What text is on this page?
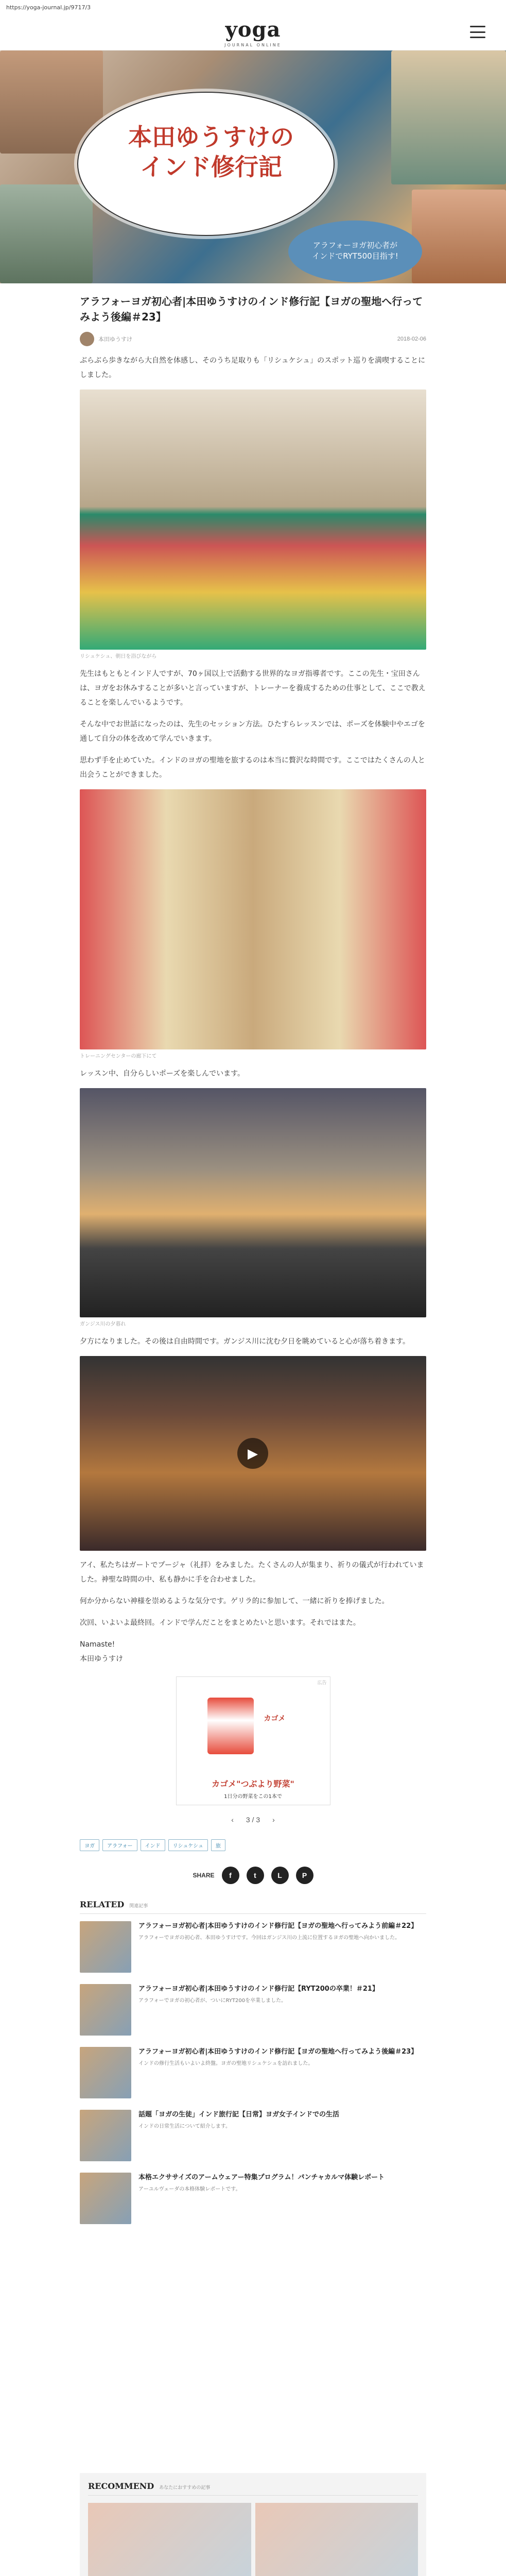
https://yoga-journal.jp/9717/3
yoga
JOURNAL ONLINE
本田ゆうすけの
インド修行記
アラフォーヨガ初心者が
インドでRYT500目指す!
アラフォーヨガ初心者|本田ゆうすけのインド修行記【ヨガの聖地へ行ってみよう後編＃23】
本田ゆうすけ	2018-02-06

ぶらぶら歩きながら大自然を体感し、そのうち足取りも「リシュケシュ」のスポット巡りを満喫することにしました。

リシュケシュ、朝日を浴びながら

先生はもともとインド人ですが、70ヶ国以上で活動する世界的なヨガ指導者です。ここの先生・宝田さんは、ヨガをお休みすることが多いと言っていますが、トレーナーを養成するための仕事として、ここで教えることを楽しんでいるようです。

そんな中でお世話になったのは、先生のセッション方法。ひたすらレッスンでは、ポーズを体験中やエゴを通して自分の体を改めて学んでいきます。

思わず手を止めていた。インドのヨガの聖地を旅するのは本当に贅沢な時間です。ここではたくさんの人と出会うことができました。

トレーニングセンターの廊下にて

レッスン中、自分らしいポーズを楽しんでいます。

ガンジス川の夕暮れ

夕方になりました。その後は自由時間です。ガンジス川に沈む夕日を眺めていると心が落ち着きます。

▶

アイ、私たちはガートでプージャ（礼拝）をみました。たくさんの人が集まり、祈りの儀式が行われていました。神聖な時間の中、私も静かに手を合わせました。

何か分からない神様を崇めるような気分です。ゲリラ的に参加して、一緒に祈りを捧げました。

次回、いよいよ最終回。インドで学んだことをまとめたいと思います。それではまた。

Namaste!
本田ゆうすけ

広告
カゴメ
カゴメ"つぶより野菜"
1日分の野菜をこの1本で
‹ 3 / 3 ›
ヨガ	アラフォー	インド	リシュケシュ	旅
SHARE	f	t	L	P
RELATED 関連記事
アラフォーヨガ初心者|本田ゆうすけのインド修行記【ヨガの聖地へ行ってみよう前編＃22】
アラフォーでヨガの初心者、本田ゆうすけです。今回はガンジス川の上流に位置するヨガの聖地へ向かいました。
アラフォーヨガ初心者|本田ゆうすけのインド修行記【RYT200の卒業！＃21】
アラフォーでヨガの初心者が、ついにRYT200を卒業しました。
アラフォーヨガ初心者|本田ゆうすけのインド修行記【ヨガの聖地へ行ってみよう後編＃23】
インドの修行生活もいよいよ終盤。ヨガの聖地リシュケシュを訪れました。
話題「ヨガの生徒」インド旅行記【日常】ヨガ女子インドでの生活
インドの日常生活について紹介します。
本格エクササイズのアームウェアー特集プログラム！パンチャカルマ体験レポート
アーユルヴェーダの本格体験レポートです。
RECOMMEND あなたにおすすめの記事
